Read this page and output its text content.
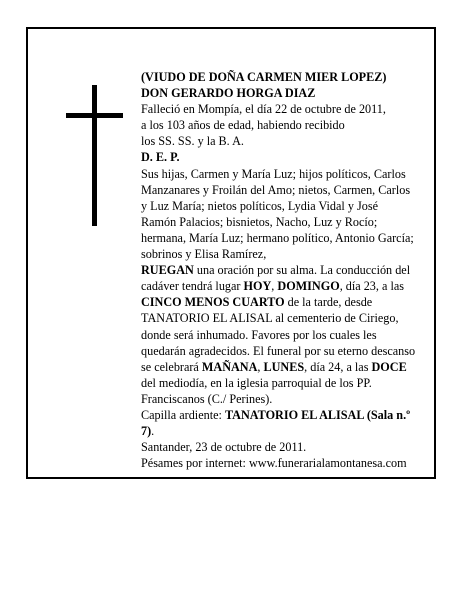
(VIUDO DE DOÑA CARMEN MIER LOPEZ)

DON GERARDO HORGA DIAZ

Falleció en Mompía, el día 22 de octubre de 2011,

a los 103 años de edad, habiendo recibido

los SS. SS. y la B. A.

D. E. P.

Sus hijas, Carmen y María Luz; hijos políticos, Carlos

Manzanares y Froilán del Amo; nietos, Carmen, Carlos

y Luz María; nietos políticos, Lydia Vidal y José

Ramón Palacios; bisnietos, Nacho, Luz y Rocío;

hermana, María Luz; hermano político, Antonio García;

sobrinos y Elisa Ramírez,

RUEGAN una oración por su alma. La conducción del

cadáver tendrá lugar HOY, DOMINGO, día 23, a las

CINCO MENOS CUARTO de la tarde, desde

TANATORIO EL ALISAL al cementerio de Ciriego,

donde será inhumado. Favores por los cuales les

quedarán agradecidos. El funeral por su eterno descanso

se celebrará MAÑANA, LUNES, día 24, a las DOCE

del mediodía, en la iglesia parroquial de los PP.

Franciscanos (C./ Perines).

Capilla ardiente: TANATORIO EL ALISAL (Sala n.º

7).

Santander, 23 de octubre de 2011.

Pésames por internet: www.funerarialamontanesa.com
